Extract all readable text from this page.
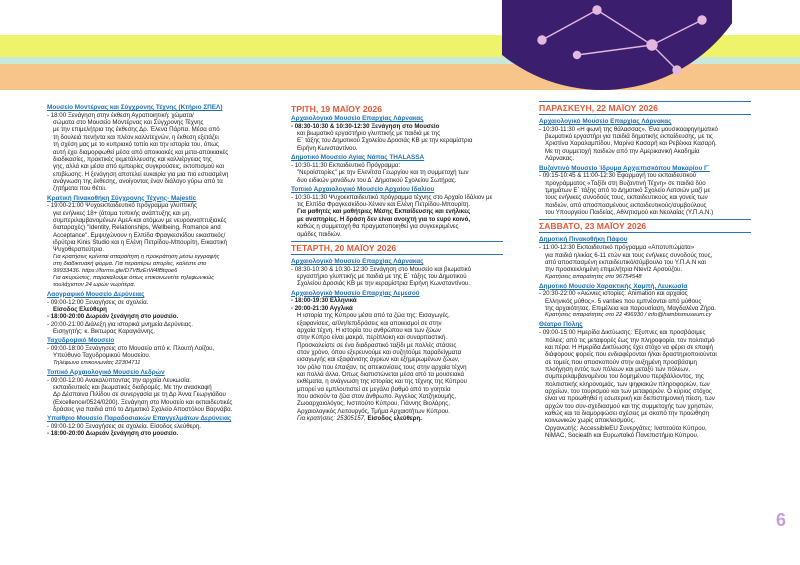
Μουσείο Μοντέρνας και Σύγχρονης Τέχνης (Κτήριο ΣΠΕΛ)
- 18:00 Ξενάγηση στην έκθεση Αγροποιητική: χώματα/
σώματα στο Μουσείο Μοντέρνας και Σύγχρονης Τέχνης
με την επιμελήτρια της έκθεσης Δρ. Έλενα Πάρπα. Μέσα από
τη δουλειά πενήντα και πλέον καλλιτεχνών, η έκθεση εξετάζει
τη σχέση μας με το κυπριακό τοπίο και την ιστορία του, όπως
αυτή έχει διαμορφωθεί μέσα από αποικιακές και μετα-αποικιακές
διαδικασίες, πρακτικές εκμετάλλευσης και καλλιέργειας της
γης, αλλά και μέσα από εμπειρίες συγκρούσεις, εκτοπισμού και
επιβίωσης. Η ξενάγηση αποτελεί ευκαιρία για μια πιο εστιασμένη
ανάγνωση της έκθεσης, ανοίγοντας έναν διάλογο γύρω από τα
ζητήματα που θέτει.
Κρατική Πινακοθήκη Σύγχρονης Τέχνης- Majestic
- 19:00-21:00 Ψυχοεκπαιδευτικό πρόγραμμα γλυπτικής
για ενήλικες 18+ (άτομα τυπικής ανάπτυξης και μη,
συμπεριλαμβανομένων ΑμεΑ και ατόμων με νευροαναπτυξιακές
διαταραχές) "Identity, Relationships, Wellbeing, Romance and
Acceptance". Εμψυχώνουν η Ελπίδα Φραγκεσκίδου εικαστικός/
ιδρύτρια Kinis Studio και η Ελένη Πετρίδου-Μπουρίτη, Εικαστική
Ψυχοθεραπεύτρια.
Για κρατήσεις κρίνεται απαραίτητη η προκράτηση μέσω εγγραφής
στη διαδικτυακή φόρμα. Για περαιτέρω απορίες, καλέστε στο
99933436. https://forms.gle/D7VBzErW4fBtqoe6
Για ακυρώσεις, παρακαλούμε όπως επικοινωνείτε τηλεφωνικώς
τουλάχιστον 24 ωρών νωρίτερα.
Λαογραφικό Μουσείο Δερύνειας
- 09:00-12:00 Ξεναγήσεις σε σχολεία.
Είσοδος Ελεύθερη
- 18:00-20:00 Δωρεάν ξενάγηση στο μουσείο.
- 20:00-21:00 Διάλεξη για ιστορικά μνημεία Δερύνειας.
Εισηγητής: κ. Βικτωρας Καραγιάννης.
Ταχυδρομικό Μουσείο
- 09:00-18:00 Ξενάγησεις στο Μουσείο από κ. Πλουτή Λοϊζου,
Υπεύθυνο Ταχυδρομικού Μουσείου.
Τηλέφωνο επικοινωνίας 22304711
Τοπικό Αρχαιολογικό Μουσείο Λεδρών
- 09:00-12:00 Ανακαλύπτοντας την αρχαία Λευκωσία:
εκπαιδευτικές και βιωματικές διαδρομές. Με την ανασκαφή
Δρ Δέσποινα Πιλίδου σε συνεργασία με τη Δρ Άννα Γεωργιάδου
(Excellence/0524/0200). Ξενάγηση στο Μουσείο και εκπαιδευτικές
δράσεις για παιδιά από το Δημοτικό Σχολείο Αποστόλου Βαρνάβα.
Υπαίθριο Μουσείο Παραδοσιακών Επαγγελμάτων Δερύνειας
- 09:00-12:00 Ξεναγήσεις σε σχολεία. Είσοδος ελεύθερη.
- 18:00-20:00 Δωρεάν ξενάγηση στο μουσείο.
ΤΡΙΤΗ, 19 ΜΑΪΟΥ 2026
Αρχαιολογικό Μουσείο Επαρχίας Λάρνακας
- 08:30-10:30 & 10:30-12:30 Ξενάγηση στο Μουσείο
και βιωματικό εργαστήριο γλυπτικής με παιδιά με της
Ε΄ τάξης του Δημοτικού Σχολείου Δροσιάς ΚΒ με την κεραμίστρια
Ειρήνη Κωνσταντίνου.
Δημοτικό Μουσείο Αγίας Νάπας THALASSA
- 10:30-11:30 Εκπαιδευτικό Πρόγραμμα:
"Νεροϊστορίες" με την Ελενίτσα Γεωργίου και τη συμμετοχή των
δυο ειδικών μονάδων του Δ΄ Δημοτικού Σχολείου Σωτήρας.
Τοπικό Αρχαιολογικό Μουσείο Αρχαίου Ιδαλίου
- 10:30-11:30 Ψυχοεκπαιδευτικό πρόγραμμα τέχνης στο Αρχαίο Ιδάλιον με
τις Ελπίδα Φραγκεσκίδου-Χένκιν και Ελένη Πετρίδου-Μπουρίτη.
Για μαθητές και μαθήτριες Μέσης Εκπαίδευσης και ενήλικες
με αναπηρίες. Η δράση δεν είναι ανοιχτή για το ευρύ κοινό,
καθώς η συμμετοχή θα πραγματοποιηθεί για συγκεκριμένες
ομάδες παιδιών.
ΤΕΤΑΡΤΗ, 20 ΜΑΪΟΥ 2026
Αρχαιολογικό Μουσείο Επαρχίας Λάρνακας
- 08:30-10:30 & 10:30-12:30 Ξενάγηση στο Μουσείο και βιωματικό
εργαστήριο γλυπτικής με παιδιά με της Ε΄ τάξης του Δημοτικού
Σχολείου Δροσιάς ΚΒ με την κεραμίστρια Ειρήνη Κωνσταντίνου.
Αρχαιολογικό Μουσείο Επαρχίας Λεμεσού
- 18:00-19:30 Ελληνικά
- 20:00-21:30 Αγγλικά
Η ιστορία της Κύπρου μέσα από τα ζώα της: Εισαγωγές,
εξαφανίσεις, α/Ιλη/Ιεπιδράσεις και αποικισμοί σε στην
αρχαία τέχνη. Η ιστορία του ανθρώπου και των ζώων
στην Κύπρο είναι μακρά, περίπλοκη και συναρπαστική.
Προσκαλείστε σε ένα διαδραστικό ταξίδι με πολλές στάσεις
στον χρόνο, όπου εξερευνούμε και συζητούμε παραδείγματα
εισαγωγής και εξαφάνισης άγριων και εξημερωμένων ζώων,
τον ρόλο που έπαιξαν, τις απεικονίσεις τους στην αρχαία τέχνη
και πολλά άλλα. Όπως διαπιστώνεται μέσα από τα μουσειακά
εκθέματα, η ανάγνωση της ιστορίας και της τέχνης της Κύπρου
μπορεί να εμπλουτιστεί σε μεγάλο βαθμό από το γοητεία
που ασκούν τα ζώα στον άνθρωπο. Άγγελος Χατζηκουμής,
Ζωοαρχαιολόγος, Ινστιτούτο Κύπρου, Γιάννης Βιολάρης,
Αρχαιολογικός Λειτουργός, Τμήμα Αρχαιοτήτων Κύπρου.
Για κρατήσεις: 25305157, Είσοδος ελεύθερη.
ΠΑΡΑΣΚΕΥΗ, 22 ΜΑΪΟΥ 2026
Αρχαιολογικό Μουσείο Επαρχίας Λάρνακας
- 10:30-11:30 «Η φωνή της θάλασσας». Ένα μουσικοαφηγηματικό
βιωματικό εργαστήρι για παιδιά δημοτικής εκπαίδευσης, με τις
Χριστίνα Χαραλαμπίδου, Μαρίνα Κασαρή και Ρεβέκκα Κασαρή.
Με τη συμμετοχή παιδιών από την Αμερικανική Ακαδημία
Λάρνακας.
Βυζαντινό Μουσείο Ίδρυμα Αρχιεπισκόπου Μακαρίου Γ΄
- 09:15-10:45 & 11:00-12:30 Εφαρμογή του εκπαιδευτικού
προγράμματος «Ταξίδι στη Βυζαντινή Τέχνη» σε παιδιά δύο
τμημάτων Ε΄ τάξης από το Δημοτικό Σχολείο Λατσιών μαζί με
τους ενήλικες συνοδούς τους, εκπαιδευτικούς και γονείς των
παιδιών, από αποσπασμένους εκπαιδευτικούς/συμβούλους
του Υπουργείου Παιδείας, Αθλητισμού και Νεολαίας (Υ.Π.Α.Ν.)
ΣΑΒΒΑΤΟ, 23 ΜΑΪΟΥ 2026
Δημοτική Πινακοθήκη Πάφου
- 11:00-12:30 Εκπαιδευτικό πρόγραμμα «Αποτυπώματα»
για παιδιά ηλικίας 6-11 ετών και τους ενήλικες συνοδούς τους,
από αποσπασμένη εκπαιδευτικό/σύμβουλο του Υ.Π.Α.Ν και
την προσκεκλημένη επιμελήτρια Ntevíz Αρσούζου.
Κρατήσεις απαραίτητες στο 96754548
Δημοτικό Μουσείο Χαρακτικής Χαμπή, Λευκωσία
- 20:30-22:00 «Αιώνιες ιστορίες: Animation και αρχαίος
Ελληνικός μύθος». 5 vanties που εμπνέονται από μύθους
της αρχαιότητας. Επιμέλεια και παρουσίαση, Μαγδαλένα Ζήρα.
Κρατήσεις απαραίτητες στο 22 496930 / info@hambismuseum.cy
Θέατρο Πόλης
- 09:00-15:00 Ημερίδα Δικτύωσης: Έξυπνες και προσβάσιμες
πόλεις: από τις μεταφορές έως την πληροφορία, τον πολιτισμό
και πέρα. Η Ημερίδα Δικτύωσης έχει στόχο να φέρει σε επαφή
διάφορους φορείς που ενδιαφέρονται ή/και δραστηριοποιούνται
σε τομείς που αποσκοπούν στην αυξημένη προσβάσιμη
πλοήγηση εντός των πόλεων και μεταξύ των πόλεων,
συμπεριλαμβανομένου του δομημένου περιβάλλοντος, της
πολιτιστικής κληρονομιάς, των ψηφιακών πληροφοριών, των
αρχείων, του τουρισμού και των μεταφορών. Ο κύριος στόχος
είναι να προωθηθεί η εσωτερική και διεπιστημονική πίεση, των
αρχών του συν-σχεδιασμού και της συμμετοχής των χρηστών,
καθώς και τα διαμορφώσει σχέσεις με σκοπό την προώθηση
κοινωνικών χωρίς αποκλεισμούς.
Οργανωτής: AccessibleEU Συνεργάτες: Ινστιτούτο Κύπρου,
NiMAC, Socieath και Ευρωπαϊκό Πανεπιστήμιο Κύπρου.
6
